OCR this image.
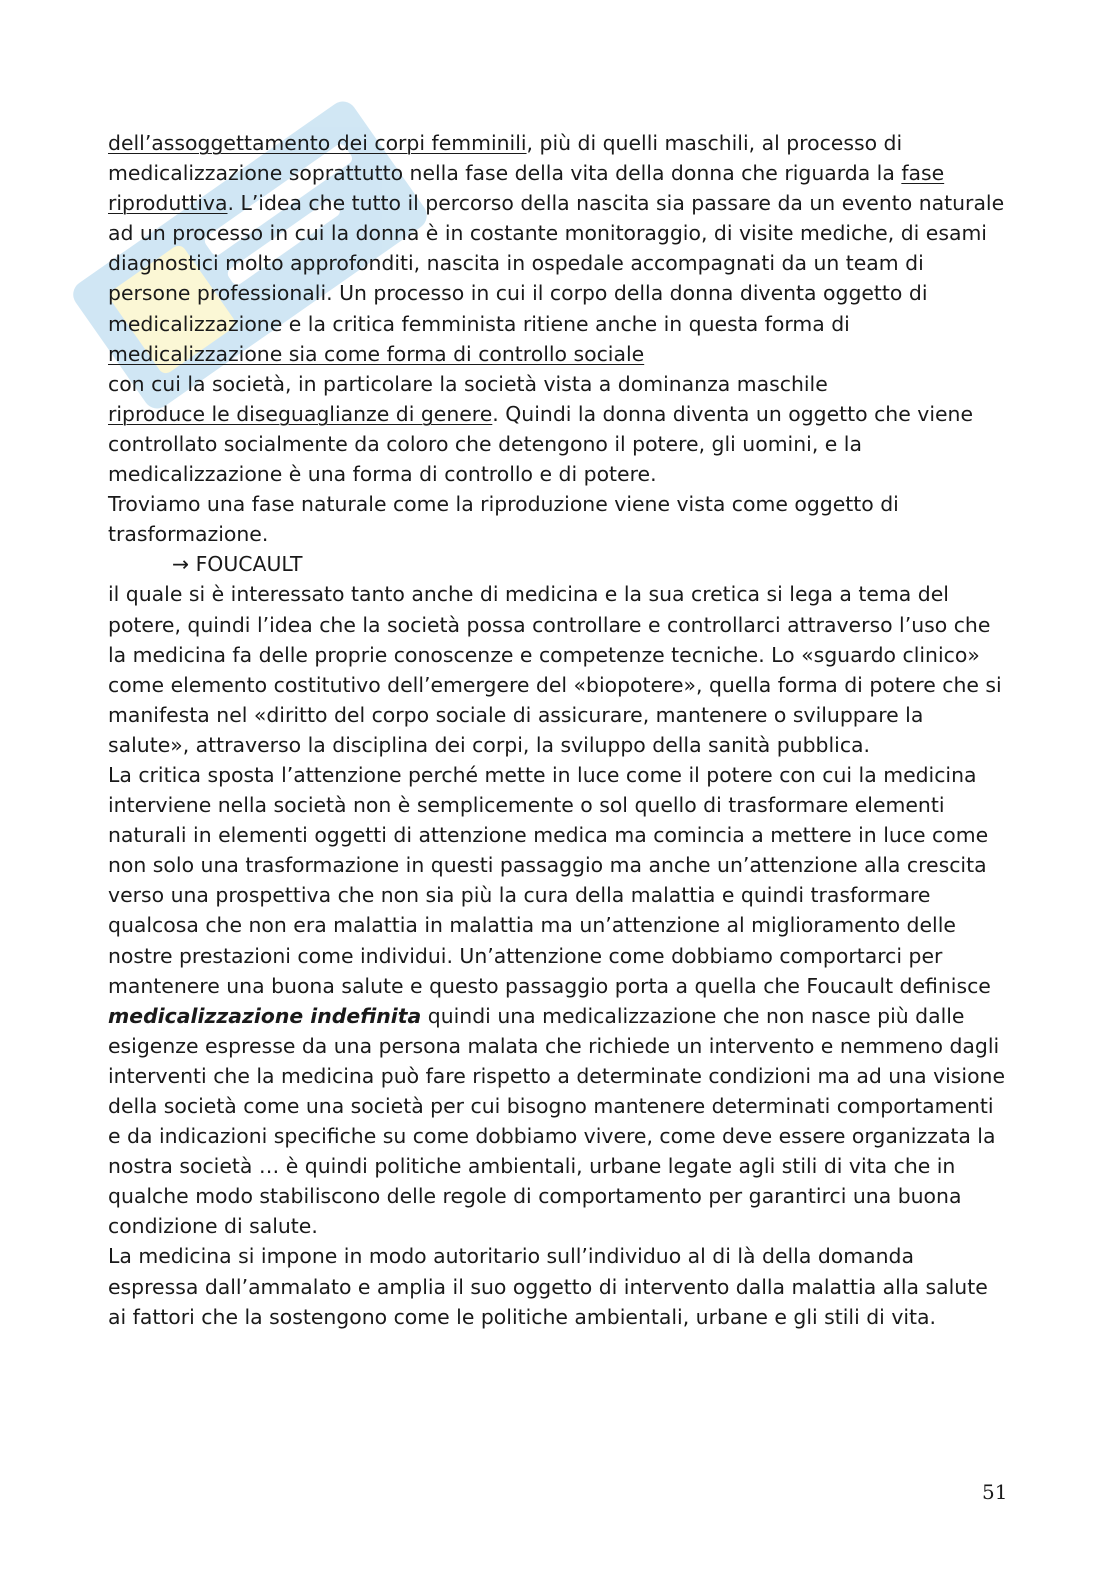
dell’assoggettamento dei corpi femminili, più di quelli maschili, al processo di medicalizzazione soprattutto nella fase della vita della donna che riguarda la fase riproduttiva. L’idea che tutto il percorso della nascita sia passare da un evento naturale ad un processo in cui la donna è in costante monitoraggio, di visite mediche, di esami diagnostici molto approfonditi, nascita in ospedale accompagnati da un team di persone professionali. Un processo in cui il corpo della donna diventa oggetto di medicalizzazione e la critica femminista ritiene anche in questa forma di medicalizzazione sia come forma di controllo sociale
con cui la società, in particolare la società vista a dominanza maschile
riproduce le diseguaglianze di genere. Quindi la donna diventa un oggetto che viene controllato socialmente da coloro che detengono il potere, gli uomini, e la medicalizzazione è una forma di controllo e di potere.

Troviamo una fase naturale come la riproduzione viene vista come oggetto di trasformazione.

→ FOUCAULT

il quale si è interessato tanto anche di medicina e la sua cretica si lega a tema del potere, quindi l’idea che la società possa controllare e controllarci attraverso l’uso che la medicina fa delle proprie conoscenze e competenze tecniche. Lo «sguardo clinico» come elemento costitutivo dell’emergere del «biopotere», quella forma di potere che si manifesta nel «diritto del corpo sociale di assicurare, mantenere o sviluppare la salute», attraverso la disciplina dei corpi, la sviluppo della sanità pubblica.

La critica sposta l’attenzione perché mette in luce come il potere con cui la medicina interviene nella società non è semplicemente o sol quello di trasformare elementi naturali in elementi oggetti di attenzione medica ma comincia a mettere in luce come non solo una trasformazione in questi passaggio ma anche un’attenzione alla crescita verso una prospettiva che non sia più la cura della malattia e quindi trasformare qualcosa che non era malattia in malattia ma un’attenzione al miglioramento delle nostre prestazioni come individui. Un’attenzione come dobbiamo comportarci per mantenere una buona salute e questo passaggio porta a quella che Foucault definisce medicalizzazione indefinita quindi una medicalizzazione che non nasce più dalle esigenze espresse da una persona malata che richiede un intervento e nemmeno dagli interventi che la medicina può fare rispetto a determinate condizioni ma ad una visione della società come una società per cui bisogno mantenere determinati comportamenti e da indicazioni specifiche su come dobbiamo vivere, come deve essere organizzata la nostra società … è quindi politiche ambientali, urbane legate agli stili di vita che in qualche modo stabiliscono delle regole di comportamento per garantirci una buona condizione di salute.

La medicina si impone in modo autoritario sull’individuo al di là della domanda espressa dall’ammalato e amplia il suo oggetto di intervento dalla malattia alla salute ai fattori che la sostengono come le politiche ambientali, urbane e gli stili di vita.

51
